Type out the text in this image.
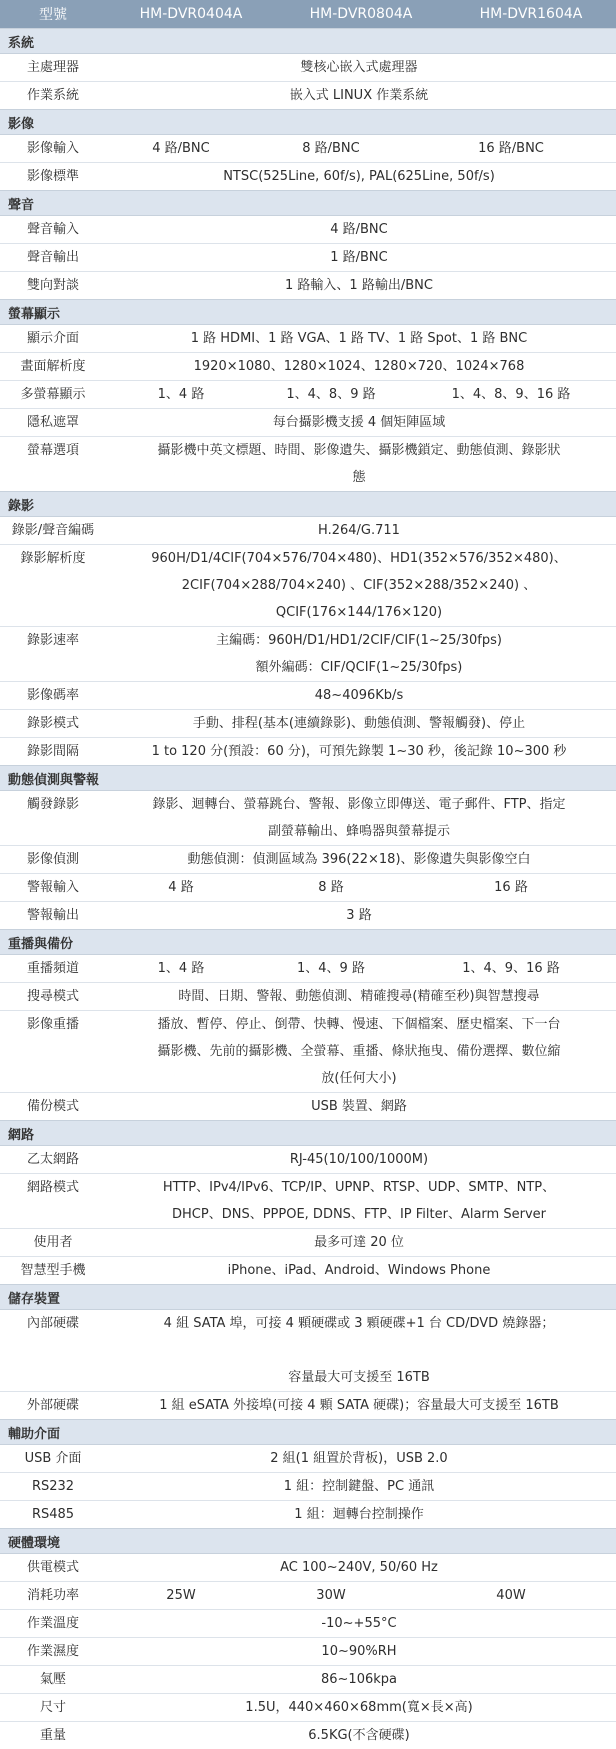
型號	HM-DVR0404A	HM-DVR0804A	HM-DVR1604A
系統
主處理器	雙核心嵌入式處理器
作業系統	嵌入式 LINUX 作業系統
影像
影像輸入	4 路/BNC	8 路/BNC	16 路/BNC
影像標準	NTSC(525Line, 60f/s), PAL(625Line, 50f/s)
聲音
聲音輸入	4 路/BNC
聲音輸出	1 路/BNC
雙向對談	1 路輸入、1 路輸出/BNC
螢幕顯示
顯示介面	1 路 HDMI、1 路 VGA、1 路 TV、1 路 Spot、1 路 BNC
畫面解析度	1920×1080、1280×1024、1280×720、1024×768
多螢幕顯示	1、4 路	1、4、8、9 路	1、4、8、9、16 路
隱私遮罩	每台攝影機支援 4 個矩陣區域
螢幕選項	攝影機中英文標題、時間、影像遺失、攝影機鎖定、動態偵測、錄影狀
態
錄影
錄影/聲音編碼	H.264/G.711
錄影解析度	960H/D1/4CIF(704×576/704×480)、HD1(352×576/352×480)、
2CIF(704×288/704×240) 、CIF(352×288/352×240) 、
QCIF(176×144/176×120)
錄影速率	主編碼：960H/D1/HD1/2CIF/CIF(1~25/30fps)
額外編碼：CIF/QCIF(1~25/30fps)
影像碼率	48~4096Kb/s
錄影模式	手動、排程(基本(連續錄影)、動態偵測、警報觸發)、停止
錄影間隔	1 to 120 分(預設：60 分)，可預先錄製 1~30 秒，後記錄 10~300 秒
動態偵測與警報
觸發錄影	錄影、迴轉台、螢幕跳台、警報、影像立即傳送、電子郵件、FTP、指定
副螢幕輸出、蜂鳴器與螢幕提示
影像偵測	動態偵測：偵測區域為 396(22×18)、影像遺失與影像空白
警報輸入	4 路	8 路	16 路
警報輸出	3 路
重播與備份
重播頻道	1、4 路	1、4、9 路	1、4、9、16 路
搜尋模式	時間、日期、警報、動態偵測、精確搜尋(精確至秒)與智慧搜尋
影像重播	播放、暫停、停止、倒帶、快轉、慢速、下個檔案、歷史檔案、下一台
攝影機、先前的攝影機、全螢幕、重播、條狀拖曳、備份選擇、數位縮
放(任何大小)
備份模式	USB 裝置、網路
網路
乙太網路	RJ-45(10/100/1000M)
網路模式	HTTP、IPv4/IPv6、TCP/IP、UPNP、RTSP、UDP、SMTP、NTP、
DHCP、DNS、PPPOE, DDNS、FTP、IP Filter、Alarm Server
使用者	最多可達 20 位
智慧型手機	iPhone、iPad、Android、Windows Phone
儲存裝置
內部硬碟	4 組 SATA 埠，可接 4 顆硬碟或 3 顆硬碟+1 台 CD/DVD 燒錄器；

容量最大可支援至 16TB
外部硬碟	1 組 eSATA 外接埠(可接 4 顆 SATA 硬碟)；容量最大可支援至 16TB
輔助介面
USB 介面	2 組(1 組置於背板)，USB 2.0
RS232	1 組：控制鍵盤、PC 通訊
RS485	1 組：迴轉台控制操作
硬體環境
供電模式	AC 100~240V, 50/60 Hz
消耗功率	25W	30W	40W
作業溫度	-10~+55°C
作業濕度	10~90%RH
氣壓	86~106kpa
尺寸	1.5U，440×460×68mm(寬×長×高)
重量	6.5KG(不含硬碟)
